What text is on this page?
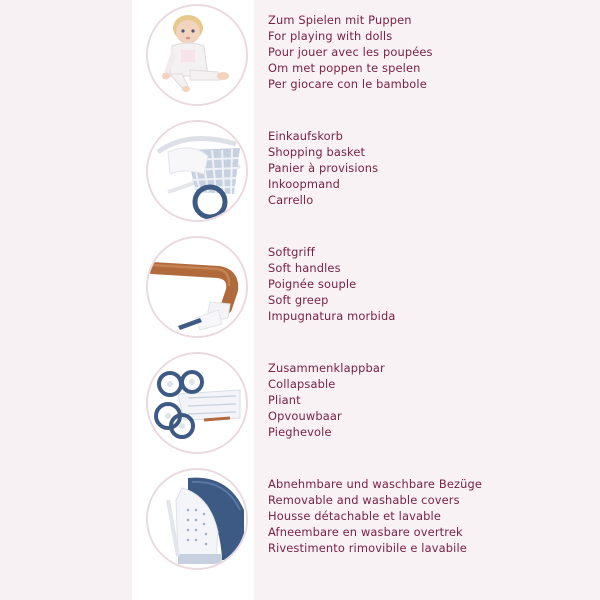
Zum Spielen mit Puppen
For playing with dolls
Pour jouer avec les poupées
Om met poppen te spelen
Per giocare con le bambole
Einkaufskorb
Shopping basket
Panier à provisions
Inkoopmand
Carrello
Softgriff
Soft handles
Poignée souple
Soft greep
Impugnatura morbida
Zusammenklappbar
Collapsable
Pliant
Opvouwbaar
Pieghevole
Abnehmbare und waschbare Bezüge
Removable and washable covers
Housse détachable et lavable
Afneembare en wasbare overtrek
Rivestimento rimovibile e lavabile
